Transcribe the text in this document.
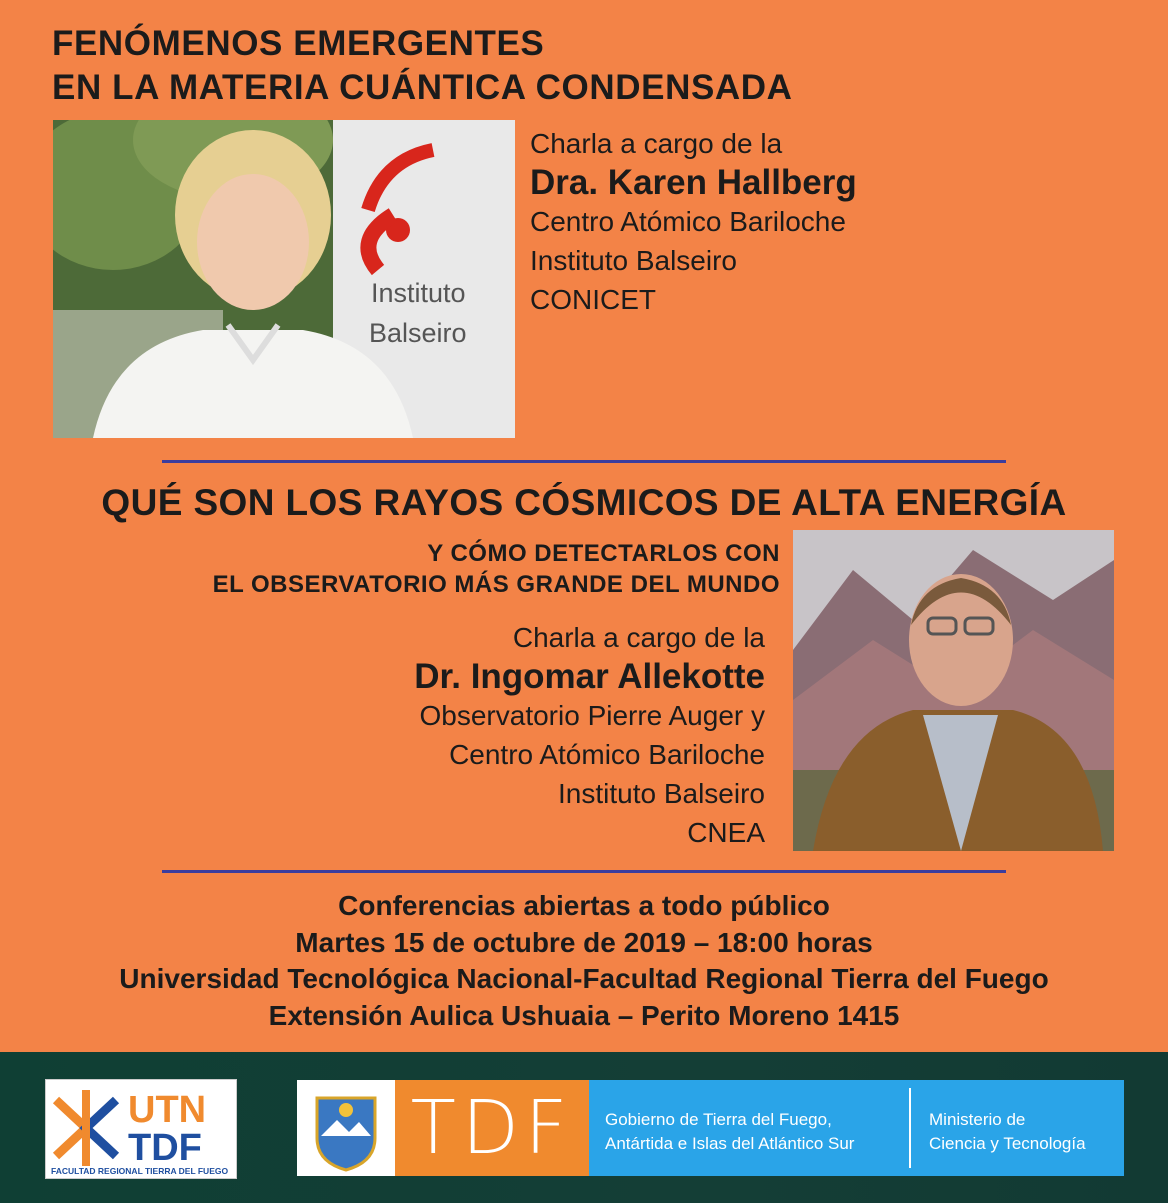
FENÓMENOS EMERGENTES
EN LA MATERIA CUÁNTICA CONDENSADA
Instituto
Balseiro
Charla a cargo de la
Dra. Karen Hallberg
Centro Atómico Bariloche
Instituto Balseiro
CONICET
QUÉ SON LOS RAYOS CÓSMICOS DE ALTA ENERGÍA
Y CÓMO DETECTARLOS CON
EL OBSERVATORIO MÁS GRANDE DEL MUNDO
Charla a cargo de la
Dr. Ingomar Allekotte
Observatorio Pierre Auger y
Centro Atómico Bariloche
Instituto Balseiro
CNEA
Conferencias abiertas a todo público
Martes 15 de octubre de 2019 – 18:00 horas
Universidad Tecnológica Nacional‑Facultad Regional Tierra del Fuego
Extensión Aulica Ushuaia – Perito Moreno 1415
UTN
TDF
FACULTAD REGIONAL TIERRA DEL FUEGO TDF	Gobierno de Tierra del Fuego,
Antártida e Islas del Atlántico Sur
Ministerio de
Ciencia y Tecnología
